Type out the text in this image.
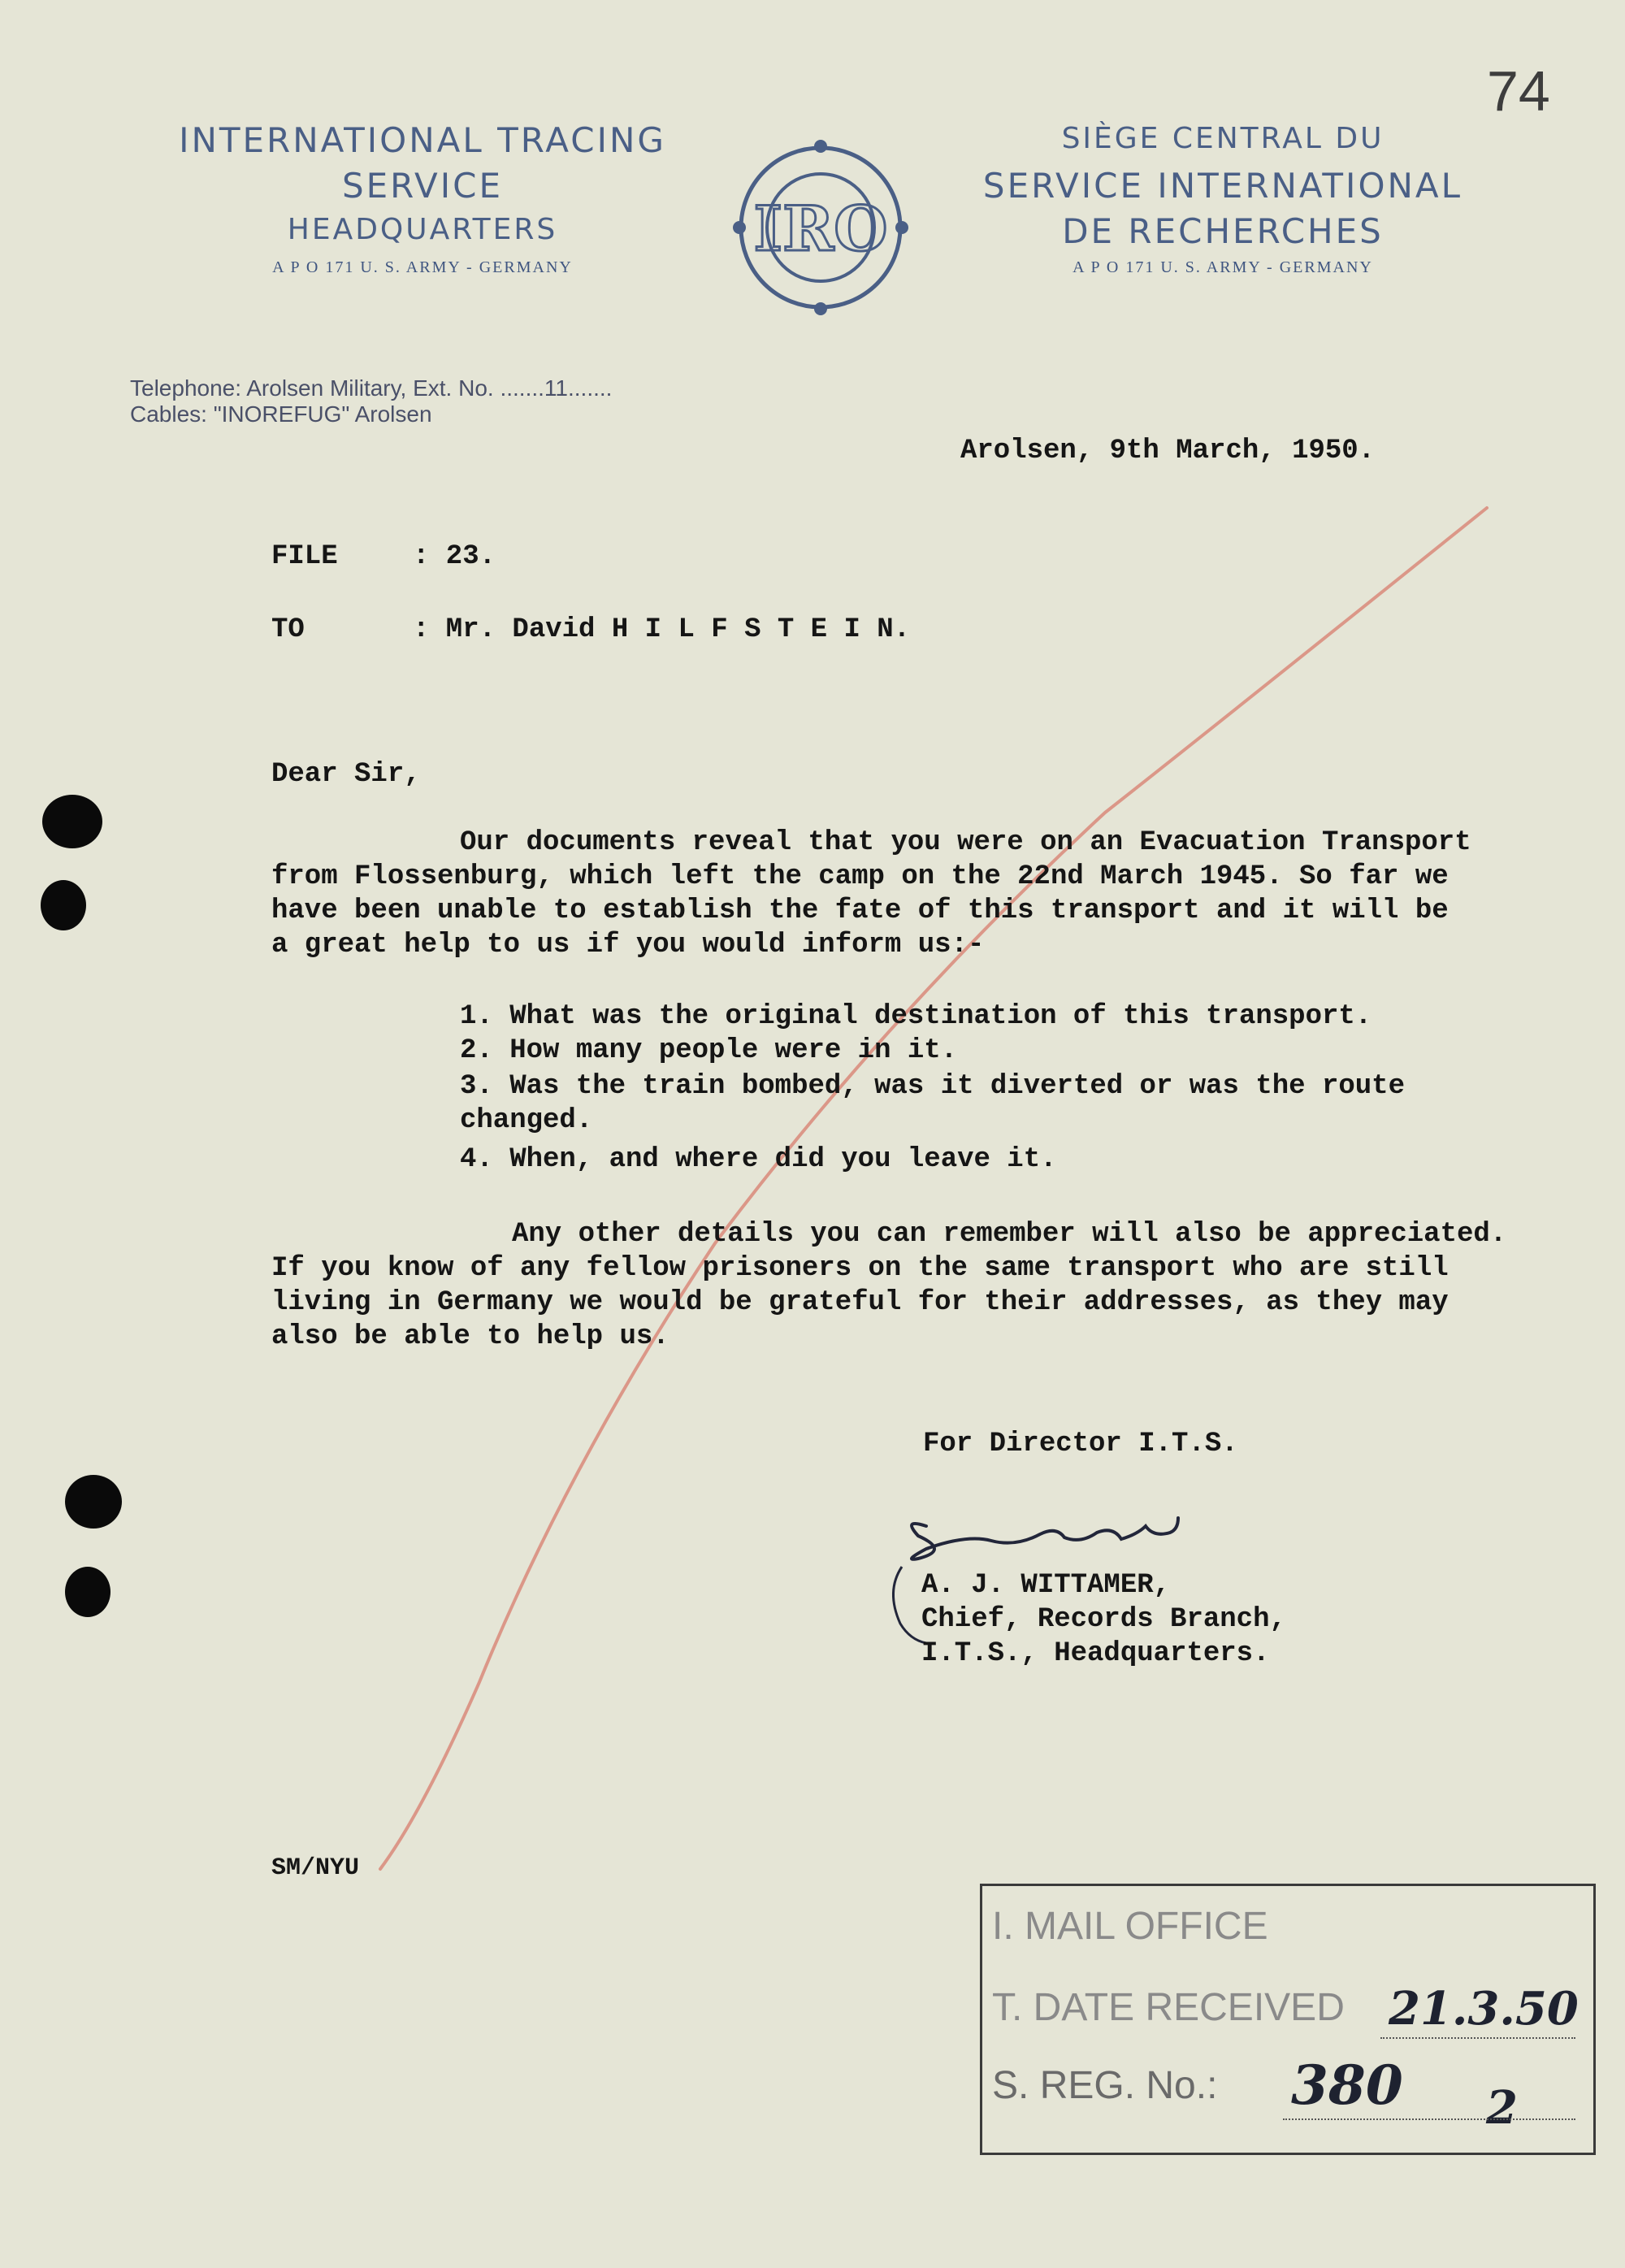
INTERNATIONAL TRACING
SERVICE
HEADQUARTERS
A P O 171 U. S. ARMY - GERMANY
IRO
SIÈGE CENTRAL DU
SERVICE INTERNATIONAL
DE RECHERCHES
A P O 171 U. S. ARMY - GERMANY
74
Telephone: Arolsen Military, Ext. No. .......11.......
Cables: "INOREFUG" Arolsen
Arolsen, 9th March, 1950.
FILE	: 23.
TO	: Mr. David H I L F S T E I N.
Dear Sir,
Our documents reveal that you were on an Evacuation Transport
from Flossenburg, which left the camp on the 22nd March 1945. So far we
have been unable to establish the fate of this transport and it will be
a great help to us if you would inform us:-
1. What was the original destination of this transport.
2. How many people were in it.
3. Was the train bombed, was it diverted or was the route
changed.
4. When, and where did you leave it.
Any other details you can remember will also be appreciated.
If you know of any fellow prisoners on the same transport who are still
living in Germany we would be grateful for their addresses, as they may
also be able to help us.
For Director I.T.S.
A. J. WITTAMER,
Chief, Records Branch,
I.T.S., Headquarters.
SM/NYU
I. MAIL OFFICE
T. DATE RECEIVED
S. REG. No.:
21.3.50
380 2
